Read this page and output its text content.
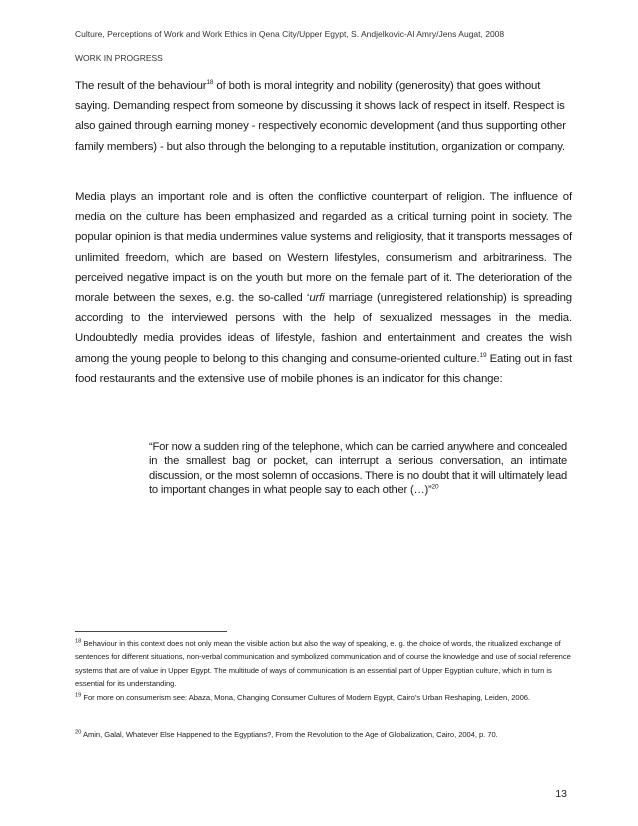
Culture, Perceptions of Work and Work Ethics in Qena City/Upper Egypt, S. Andjelkovic-Al Amry/Jens Augat, 2008
WORK IN PROGRESS

The result of the behaviour$^{18}$ of both is moral integrity and nobility (generosity) that goes without saying. Demanding respect from someone by discussing it shows lack of respect in itself. Respect is also gained through earning money - respectively economic development (and thus supporting other family members) - but also through the belonging to a reputable institution, organization or company.

Media plays an important role and is often the conflictive counterpart of religion. The influence of media on the culture has been emphasized and regarded as a critical turning point in society. The popular opinion is that media undermines value systems and religiosity, that it transports messages of unlimited freedom, which are based on Western lifestyles, consumerism and arbitrariness. The perceived negative impact is on the youth but more on the female part of it. The deterioration of the morale between the sexes, e.g. the so-called ‘urfi marriage (unregistered relationship) is spreading according to the interviewed persons with the help of sexualized messages in the media. Undoubtedly media provides ideas of lifestyle, fashion and entertainment and creates the wish among the young people to belong to this changing and consume-oriented culture.$^{19}$ Eating out in fast food restaurants and the extensive use of mobile phones is an indicator for this change:

“For now a sudden ring of the telephone, which can be carried anywhere and concealed in the smallest bag or pocket, can interrupt a serious conversation, an intimate discussion, or the most solemn of occasions. There is no doubt that it will ultimately lead to important changes in what people say to each other (…)”$^{20}$

$^{18}$ Behaviour in this context does not only mean the visible action but also the way of speaking, e. g. the choice of words, the ritualized exchange of sentences for different situations, non-verbal communication and symbolized communication and of course the knowledge and use of social reference systems that are of value in Upper Egypt. The multitude of ways of communication is an essential part of Upper Egyptian culture, which in turn is essential for its understanding.

$^{19}$ For more on consumerism see: Abaza, Mona, Changing Consumer Cultures of Modern Egypt, Cairo’s Urban Reshaping, Leiden, 2006.

$^{20}$ Amin, Galal, Whatever Else Happened to the Egyptians?, From the Revolution to the Age of Globalization, Cairo, 2004, p. 70.

13
